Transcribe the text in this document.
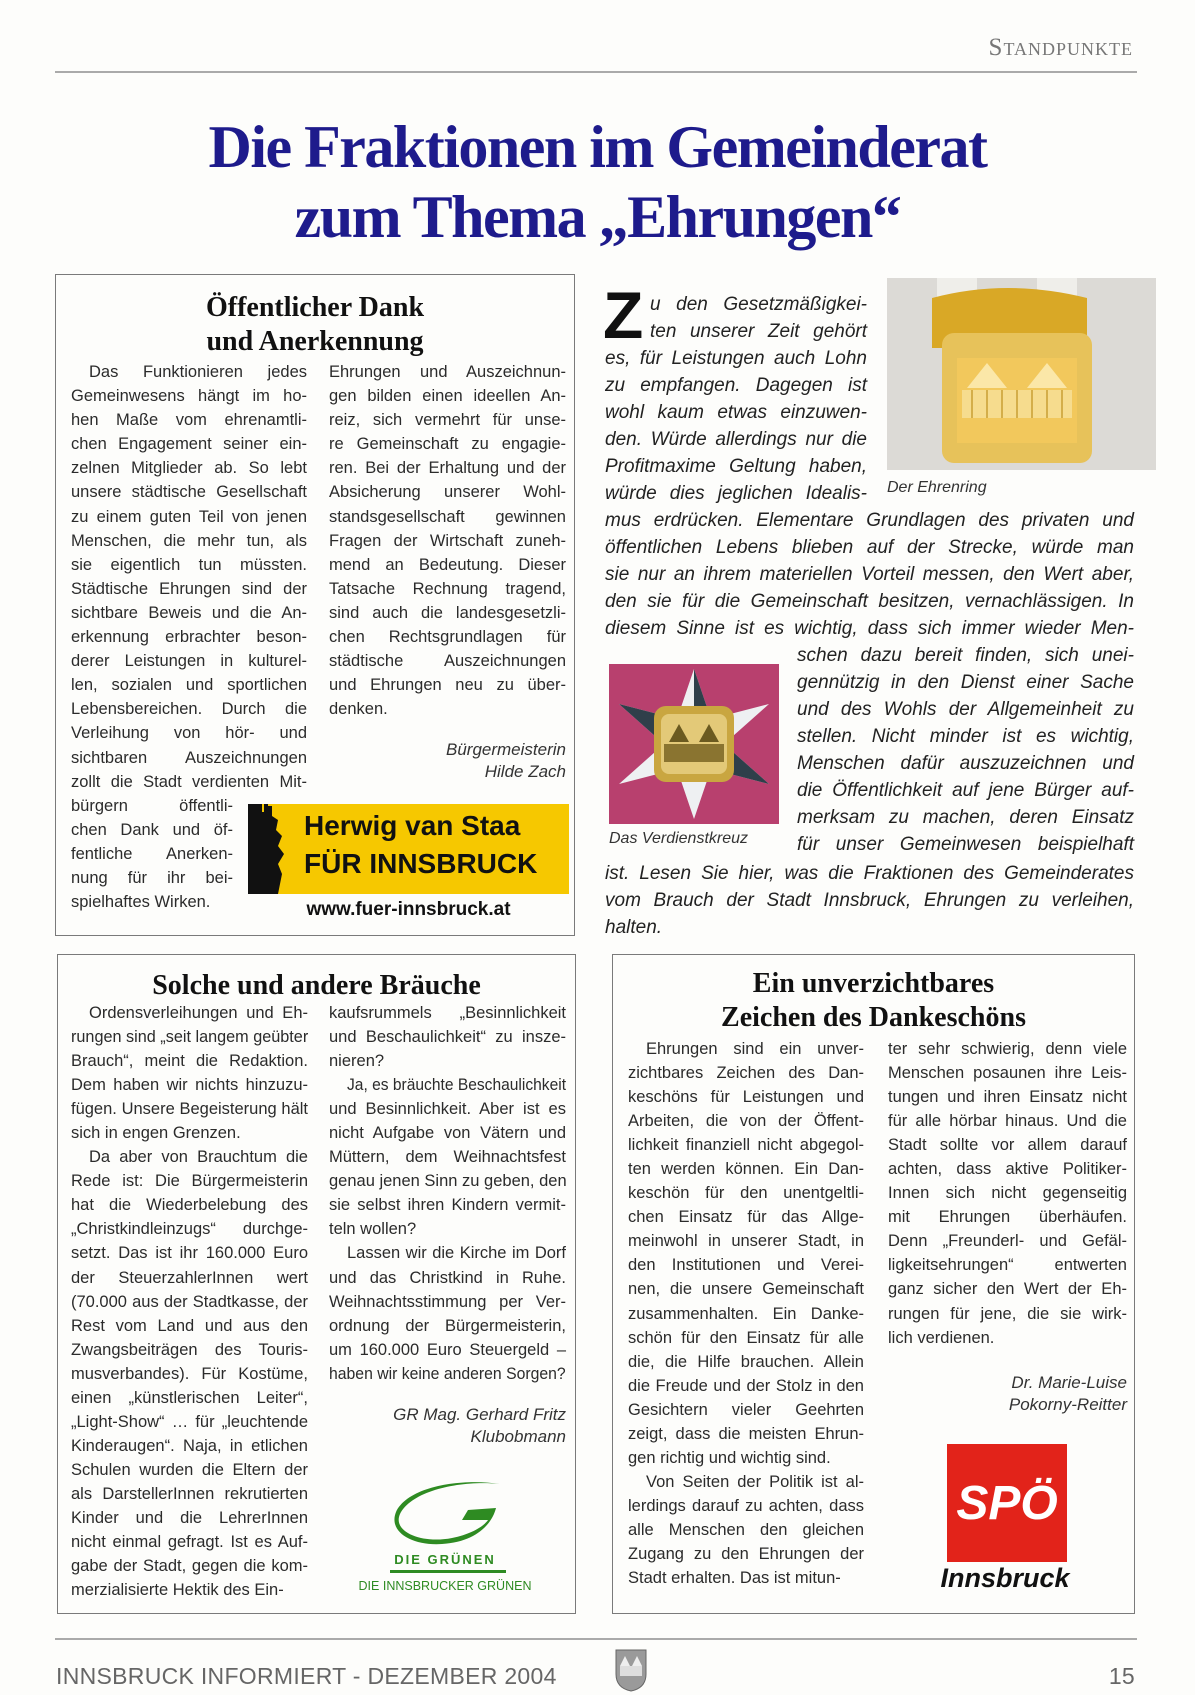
Standpunkte
Die Fraktionen im Gemeinderat
zum Thema „Ehrungen“
Öffentlicher Dank
und Anerkennung
Bürgermeisterin
Hilde Zach
Herwig van Staa
FÜR INNSBRUCK
www.fuer-innsbruck.at
Z
Der Ehrenring
Das Verdienstkreuz
Solche und andere Bräuche
GR Mag. Gerhard Fritz
Klubobmann
DIE GRÜNEN
DIE INNSBRUCKER GRÜNEN
Ein unverzichtbares
Zeichen des Dankeschöns
Dr. Marie-Luise
Pokorny-Reitter
SPÖ
Innsbruck
INNSBRUCK INFORMIERT - DEZEMBER 2004	15
Das Funktionieren jedes
Gemeinwesens hängt im ho-
hen Maße vom ehrenamtli-
chen Engagement seiner ein-
zelnen Mitglieder ab. So lebt
unsere städtische Gesellschaft
zu einem guten Teil von jenen
Menschen, die mehr tun, als
sie eigentlich tun müssten.
Städtische Ehrungen sind der
sichtbare Beweis und die An-
erkennung erbrachter beson-
derer Leistungen in kulturel-
len, sozialen und sportlichen
Lebensbereichen. Durch die
Verleihung von hör- und
sichtbaren Auszeichnungen
zollt die Stadt verdienten Mit-
bürgern öffentli-
chen Dank und öf-
fentliche Anerken-
nung für ihr bei-
spielhaftes Wirken.
Ehrungen und Auszeichnun-
gen bilden einen ideellen An-
reiz, sich vermehrt für unse-
re Gemeinschaft zu engagie-
ren. Bei der Erhaltung und der
Absicherung unserer Wohl-
standsgesellschaft gewinnen
Fragen der Wirtschaft zuneh-
mend an Bedeutung. Dieser
Tatsache Rechnung tragend,
sind auch die landesgesetzli-
chen Rechtsgrundlagen für
städtische Auszeichnungen
und Ehrungen neu zu über-
denken.
Ordensverleihungen und Eh-
rungen sind „seit langem geübter
Brauch“, meint die Redaktion.
Dem haben wir nichts hinzuzu-
fügen. Unsere Begeisterung hält
sich in engen Grenzen.
Da aber von Brauchtum die
Rede ist: Die Bürgermeisterin
hat die Wiederbelebung des
„Christkindleinzugs“ durchge-
setzt. Das ist ihr 160.000 Euro
der SteuerzahlerInnen wert
(70.000 aus der Stadtkasse, der
Rest vom Land und aus den
Zwangsbeiträgen des Touris-
musverbandes). Für Kostüme,
einen „künstlerischen Leiter“,
„Light-Show“ … für „leuchtende
Kinderaugen“. Naja, in etlichen
Schulen wurden die Eltern der
als DarstellerInnen rekrutierten
Kinder und die LehrerInnen
nicht einmal gefragt. Ist es Auf-
gabe der Stadt, gegen die kom-
merzialisierte Hektik des Ein-
kaufsrummels „Besinnlichkeit
und Beschaulichkeit“ zu insze-
nieren?
Ja, es bräuchte Beschaulichkeit
und Besinnlichkeit. Aber ist es
nicht Aufgabe von Vätern und
Müttern, dem Weihnachtsfest
genau jenen Sinn zu geben, den
sie selbst ihren Kindern vermit-
teln wollen?
Lassen wir die Kirche im Dorf
und das Christkind in Ruhe.
Weihnachtsstimmung per Ver-
ordnung der Bürgermeisterin,
um 160.000 Euro Steuergeld –
haben wir keine anderen Sorgen?
Ehrungen sind ein unver-
zichtbares Zeichen des Dan-
keschöns für Leistungen und
Arbeiten, die von der Öffent-
lichkeit finanziell nicht abgegol-
ten werden können. Ein Dan-
keschön für den unentgeltli-
chen Einsatz für das Allge-
meinwohl in unserer Stadt, in
den Institutionen und Verei-
nen, die unsere Gemeinschaft
zusammenhalten. Ein Danke-
schön für den Einsatz für alle
die, die Hilfe brauchen. Allein
die Freude und der Stolz in den
Gesichtern vieler Geehrten
zeigt, dass die meisten Ehrun-
gen richtig und wichtig sind.
Von Seiten der Politik ist al-
lerdings darauf zu achten, dass
alle Menschen den gleichen
Zugang zu den Ehrungen der
Stadt erhalten. Das ist mitun-
ter sehr schwierig, denn viele
Menschen posaunen ihre Leis-
tungen und ihren Einsatz nicht
für alle hörbar hinaus. Und die
Stadt sollte vor allem darauf
achten, dass aktive Politiker-
Innen sich nicht gegenseitig
mit Ehrungen überhäufen.
Denn „Freunderl- und Gefäl-
ligkeitsehrungen“ entwerten
ganz sicher den Wert der Eh-
rungen für jene, die sie wirk-
lich verdienen.
u den Gesetzmäßigkei-
ten unserer Zeit gehört
es, für Leistungen auch Lohn
zu empfangen. Dagegen ist
wohl kaum etwas einzuwen-
den. Würde allerdings nur die
Profitmaxime Geltung haben,
würde dies jeglichen Idealis-
mus erdrücken. Elementare Grundlagen des privaten und
öffentlichen Lebens blieben auf der Strecke, würde man
sie nur an ihrem materiellen Vorteil messen, den Wert aber,
den sie für die Gemeinschaft besitzen, vernachlässigen. In
diesem Sinne ist es wichtig, dass sich immer wieder Men-
schen dazu bereit finden, sich unei-
gennützig in den Dienst einer Sache
und des Wohls der Allgemeinheit zu
stellen. Nicht minder ist es wichtig,
Menschen dafür auszuzeichnen und
die Öffentlichkeit auf jene Bürger auf-
merksam zu machen, deren Einsatz
für unser Gemeinwesen beispielhaft
ist. Lesen Sie hier, was die Fraktionen des Gemeinderates
vom Brauch der Stadt Innsbruck, Ehrungen zu verleihen,
halten.
